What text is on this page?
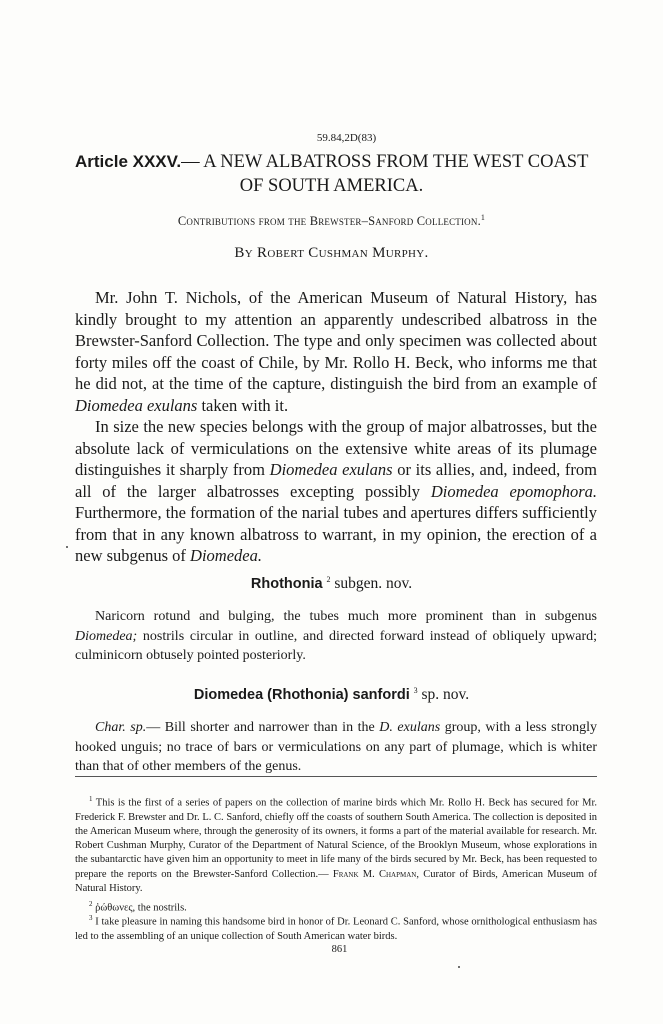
59.84,2D(83)

Article XXXV.— A NEW ALBATROSS FROM THE WEST COAST

OF SOUTH AMERICA.

Contributions from the Brewster–Sanford Collection.$^1$

By Robert Cushman Murphy.

Mr. John T. Nichols, of the American Museum of Natural History, has kindly brought to my attention an apparently undescribed albatross in the Brewster-Sanford Collection. The type and only specimen was collected about forty miles off the coast of Chile, by Mr. Rollo H. Beck, who informs me that he did not, at the time of the capture, distinguish the bird from an example of Diomedea exulans taken with it.

In size the new species belongs with the group of major albatrosses, but the absolute lack of vermiculations on the extensive white areas of its plumage distinguishes it sharply from Diomedea exulans or its allies, and, indeed, from all of the larger albatrosses excepting possibly Diomedea epomophora. Furthermore, the formation of the narial tubes and apertures differs sufficiently from that in any known albatross to warrant, in my opinion, the erection of a new subgenus of Diomedea.

Rhothonia $^2$ subgen. nov.

Naricorn rotund and bulging, the tubes much more prominent than in subgenus Diomedea; nostrils circular in outline, and directed forward instead of obliquely upward; culminicorn obtusely pointed posteriorly.

Diomedea (Rhothonia) sanfordi $^3$ sp. nov.

Char. sp.— Bill shorter and narrower than in the D. exulans group, with a less strongly hooked unguis; no trace of bars or vermiculations on any part of plumage, which is whiter than that of other members of the genus.

$^1$ This is the first of a series of papers on the collection of marine birds which Mr. Rollo H. Beck has secured for Mr. Frederick F. Brewster and Dr. L. C. Sanford, chiefly off the coasts of southern South America. The collection is deposited in the American Museum where, through the generosity of its owners, it forms a part of the material available for research. Mr. Robert Cushman Murphy, Curator of the Department of Natural Science, of the Brooklyn Museum, whose explorations in the subantarctic have given him an opportunity to meet in life many of the birds secured by Mr. Beck, has been requested to prepare the reports on the Brewster-Sanford Collection.— Frank M. Chapman, Curator of Birds, American Museum of Natural History.

$^2$ ῥώθωνες, the nostrils.

$^3$ I take pleasure in naming this handsome bird in honor of Dr. Leonard C. Sanford, whose ornithological enthusiasm has led to the assembling of an unique collection of South American water birds.

861
